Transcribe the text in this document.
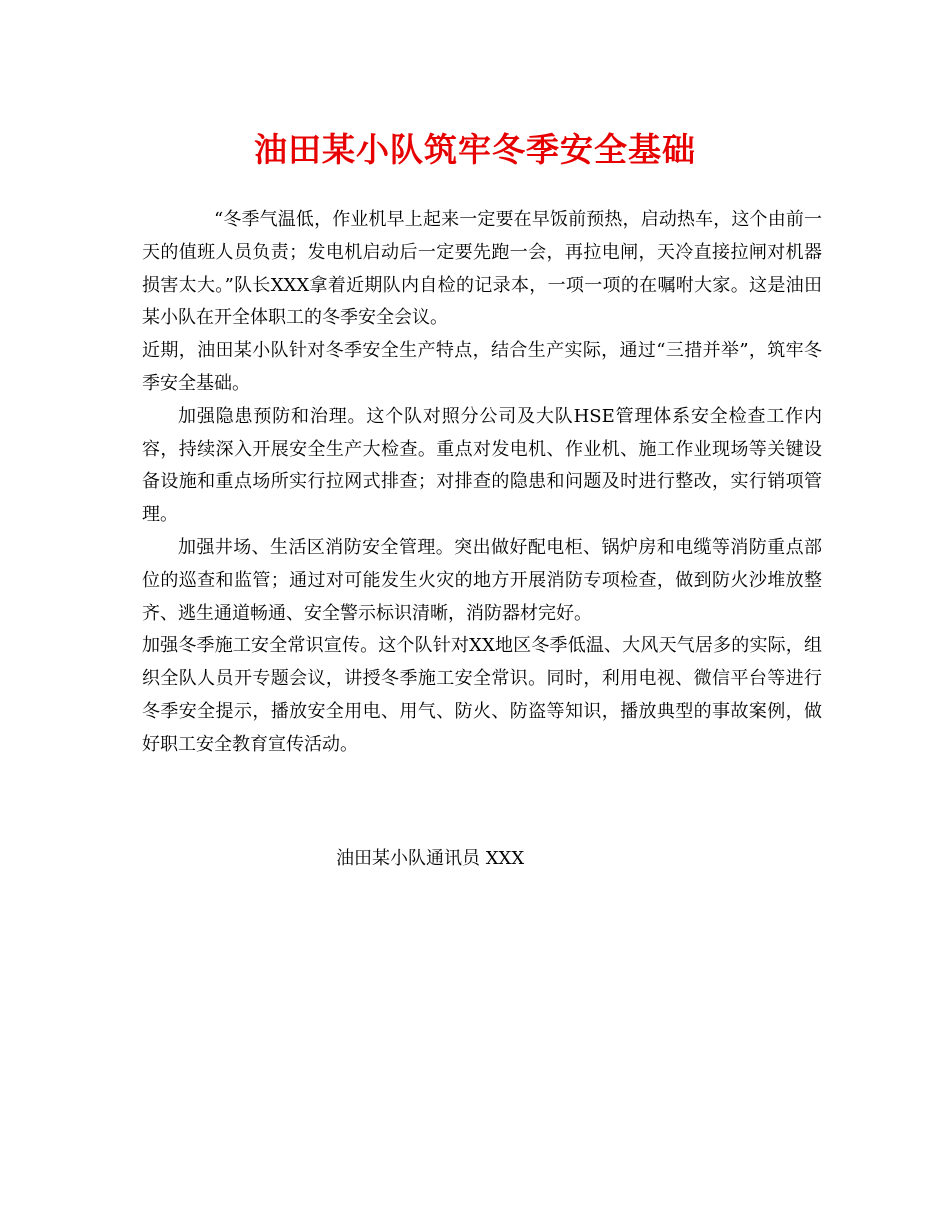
油田某小队筑牢冬季安全基础

“冬季气温低，作业机早上起来一定要在早饭前预热，启动热车，这个由前一天的值班人员负责；发电机启动后一定要先跑一会，再拉电闸，天冷直接拉闸对机器损害太大。”队长XXX拿着近期队内自检的记录本，一项一项的在嘱咐大家。这是油田某小队在开全体职工的冬季安全会议。

近期，油田某小队针对冬季安全生产特点，结合生产实际，通过“三措并举”，筑牢冬季安全基础。

加强隐患预防和治理。这个队对照分公司及大队HSE管理体系安全检查工作内容，持续深入开展安全生产大检查。重点对发电机、作业机、施工作业现场等关键设备设施和重点场所实行拉网式排查；对排查的隐患和问题及时进行整改，实行销项管理。

加强井场、生活区消防安全管理。突出做好配电柜、锅炉房和电缆等消防重点部位的巡查和监管；通过对可能发生火灾的地方开展消防专项检查，做到防火沙堆放整齐、逃生通道畅通、安全警示标识清晰，消防器材完好。

加强冬季施工安全常识宣传。这个队针对XX地区冬季低温、大风天气居多的实际，组织全队人员开专题会议，讲授冬季施工安全常识。同时，利用电视、微信平台等进行冬季安全提示，播放安全用电、用气、防火、防盗等知识，播放典型的事故案例，做好职工安全教育宣传活动。

油田某小队通讯员 XXX
